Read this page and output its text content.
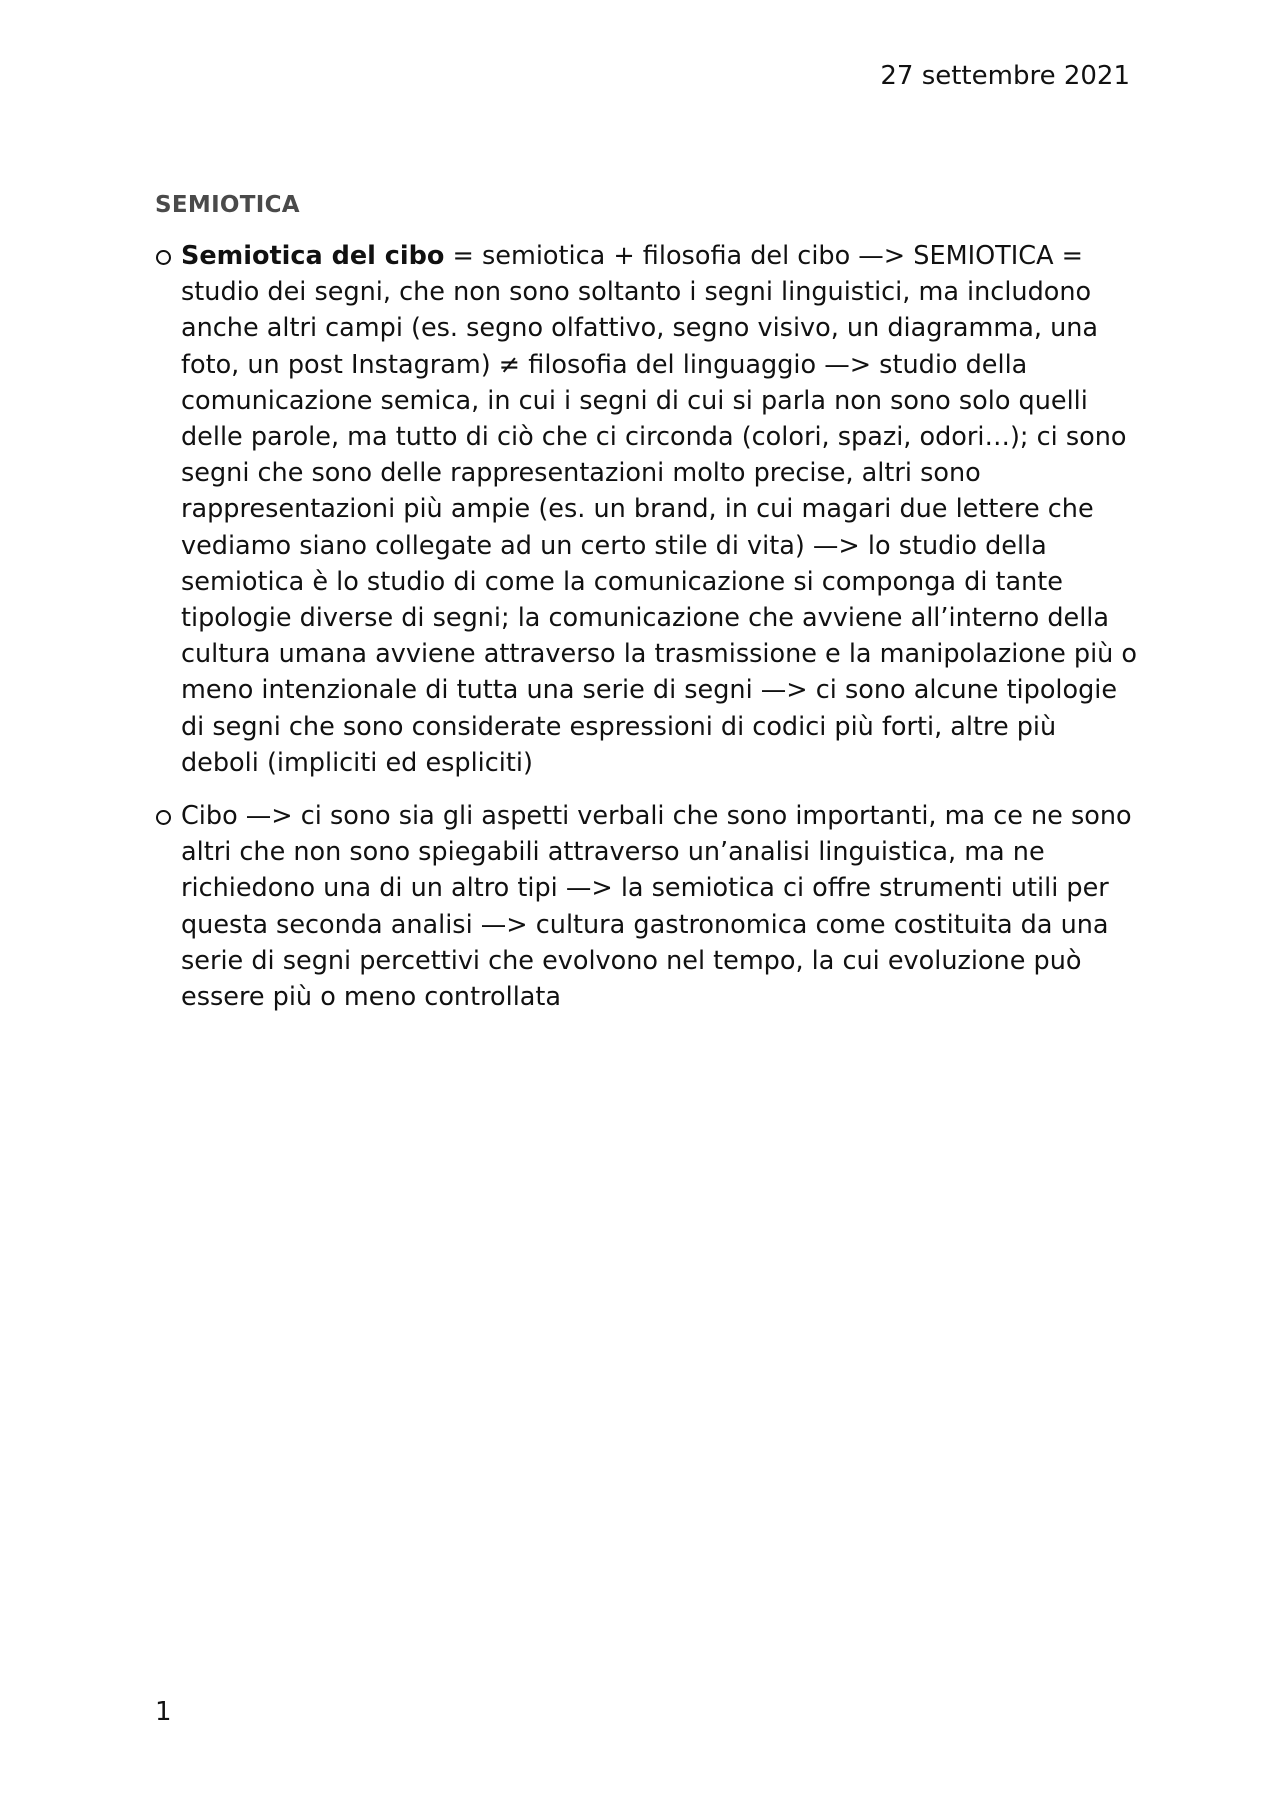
27 settembre 2021
SEMIOTICA
Semiotica del cibo = semiotica + filosofia del cibo —> SEMIOTICA = studio dei segni, che non sono soltanto i segni linguistici, ma includono anche altri campi (es. segno olfattivo, segno visivo, un diagramma, una foto, un post Instagram) ≠ filosofia del linguaggio —> studio della comunicazione semica, in cui i segni di cui si parla non sono solo quelli delle parole, ma tutto di ciò che ci circonda (colori, spazi, odori…); ci sono segni che sono delle rappresentazioni molto precise, altri sono rappresentazioni più ampie (es. un brand, in cui magari due lettere che vediamo siano collegate ad un certo stile di vita) —> lo studio della semiotica è lo studio di come la comunicazione si componga di tante tipologie diverse di segni; la comunicazione che avviene all’interno della cultura umana avviene attraverso la trasmissione e la manipolazione più o meno intenzionale di tutta una serie di segni —> ci sono alcune tipologie di segni che sono considerate espressioni di codici più forti, altre più deboli (impliciti ed espliciti)
Cibo —> ci sono sia gli aspetti verbali che sono importanti, ma ce ne sono altri che non sono spiegabili attraverso un’analisi linguistica, ma ne richiedono una di un altro tipi —> la semiotica ci offre strumenti utili per questa seconda analisi —> cultura gastronomica come costituita da una serie di segni percettivi che evolvono nel tempo, la cui evoluzione può essere più o meno controllata
1
